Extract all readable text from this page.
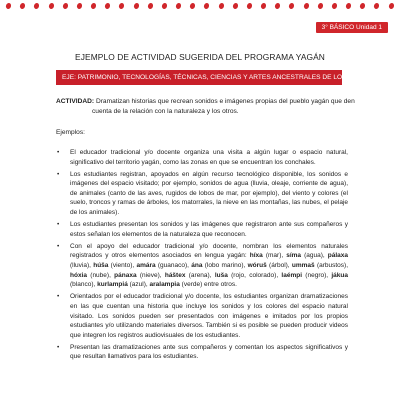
3° BÁSICO Unidad 1
EJEMPLO DE ACTIVIDAD SUGERIDA DEL PROGRAMA YAGÁN
EJE: PATRIMONIO, TECNOLOGÍAS, TÉCNICAS, CIENCIAS Y ARTES ANCESTRALES DE LOS PUEBLOS
ACTIVIDAD: Dramatizan historias que recrean sonidos e imágenes propias del pueblo yagán que den
cuenta de la relación con la naturaleza y los otros.
Ejemplos:
• El educador tradicional y/o docente organiza una visita a algún lugar o espacio natural, significativo del territorio yagán, como las zonas en que se encuentran los conchales.
• Los estudiantes registran, apoyados en algún recurso tecnológico disponible, los sonidos e imágenes del espacio visitado; por ejemplo, sonidos de agua (lluvia, oleaje, corriente de agua), de animales (canto de las aves, rugidos de lobos de mar, por ejemplo), del viento y colores (el suelo, troncos y ramas de árboles, los matorrales, la nieve en las montañas, las nubes, el pelaje de los animales).
• Los estudiantes presentan los sonidos y las imágenes que registraron ante sus compañeros y estos señalan los elementos de la naturaleza que reconocen.
• Con el apoyo del educador tradicional y/o docente, nombran los elementos naturales registrados y otros elementos asociados en lengua yagán: híxa (mar), síma (agua), pálaxa (lluvia), húša (viento), amára (guanaco), ána (lobo marino), wóruš (árbol), ummaš (arbustos), hóxia (nube), pánaxa (nieve), háštex (arena), luša (rojo, colorado), laémpi (negro), jákua (blanco), kurlampiá (azul), aralampia (verde) entre otros.
• Orientados por el educador tradicional y/o docente, los estudiantes organizan dramatizaciones en las que cuentan una historia que incluye los sonidos y los colores del espacio natural visitado. Los sonidos pueden ser presentados con imágenes e imitados por los propios estudiantes y/o utilizando materiales diversos. También si es posible se pueden producir videos que integren los registros audiovisuales de los estudiantes.
• Presentan las dramatizaciones ante sus compañeros y comentan los aspectos significativos y que resultan llamativos para los estudiantes.
